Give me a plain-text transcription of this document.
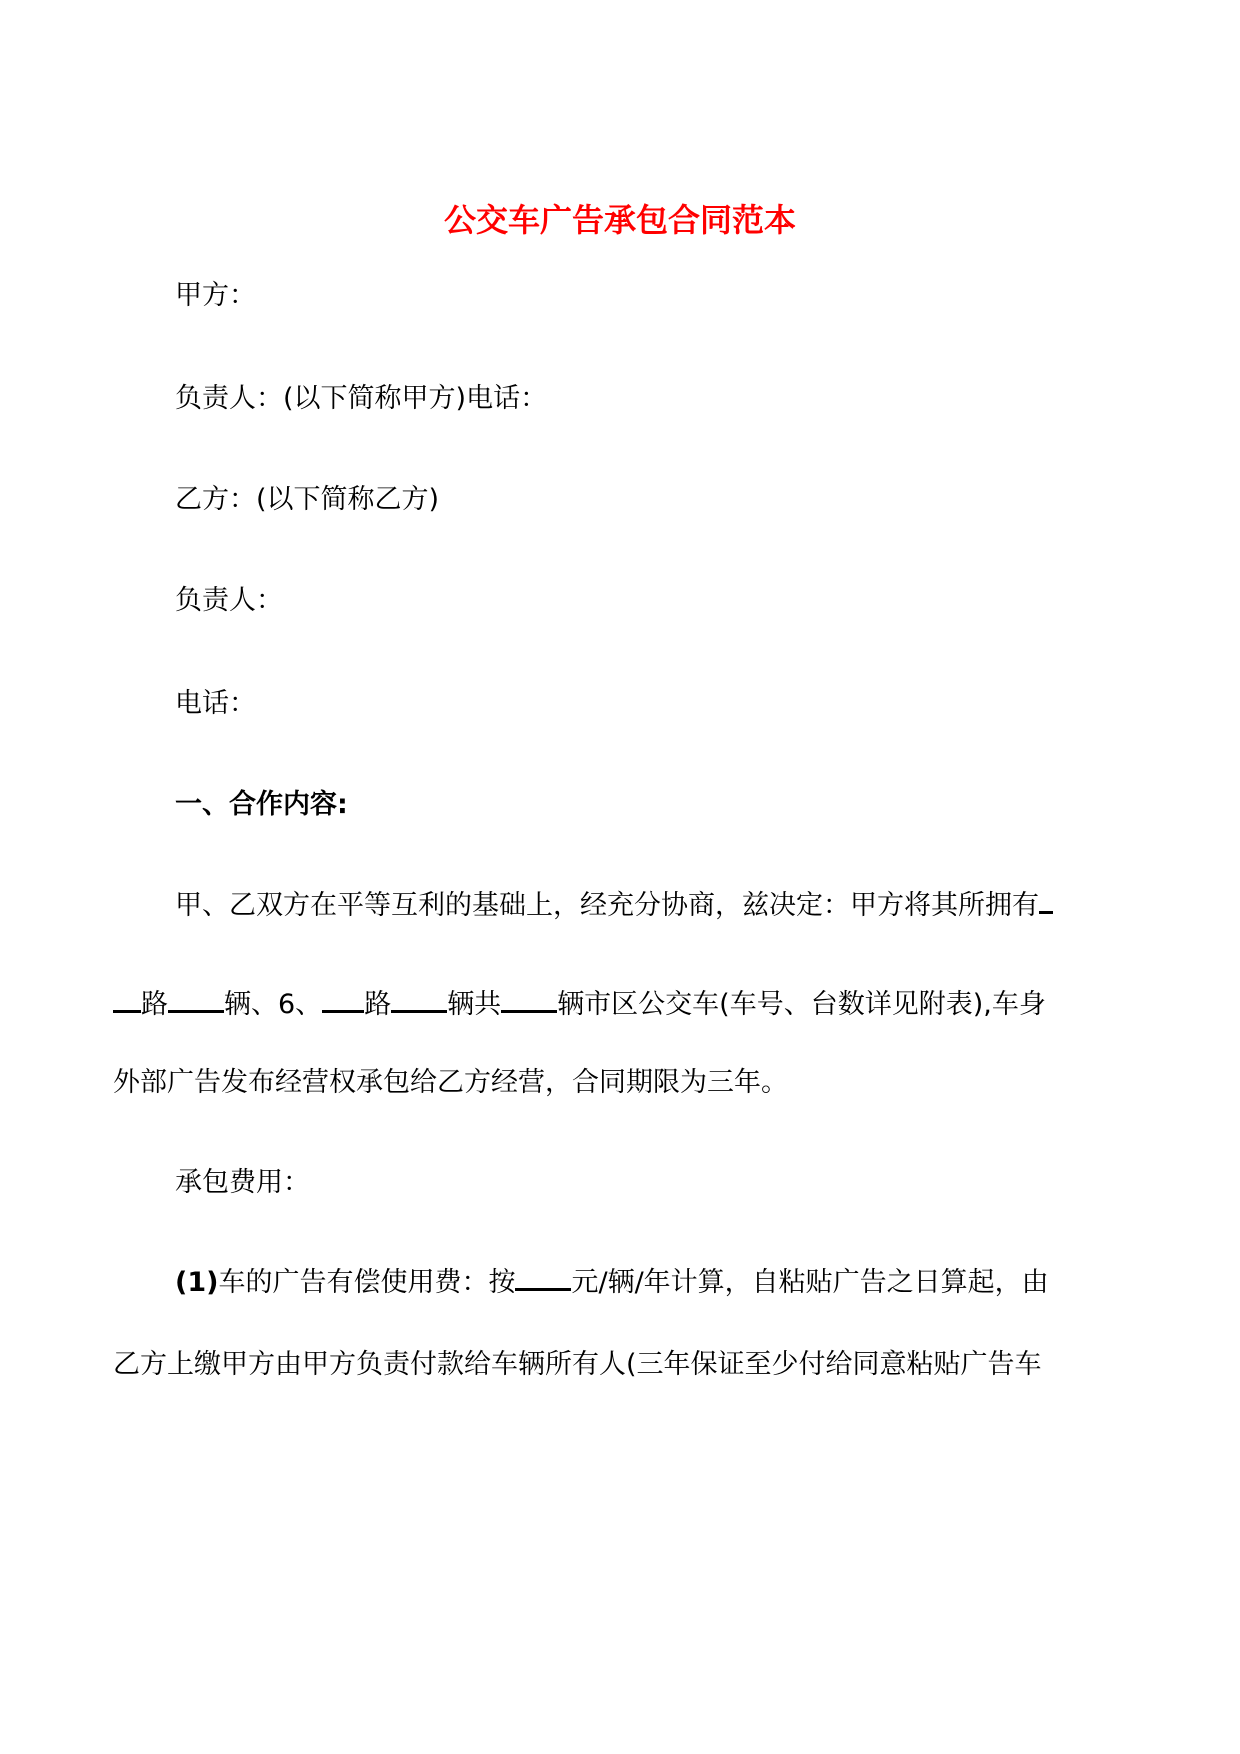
公交车广告承包合同范本
甲方：
负责人：(以下简称甲方)电话：
乙方：(以下简称乙方)
负责人：
电话：
一、合作内容:
甲、乙双方在平等互利的基础上，经充分协商，兹决定：甲方将其所拥有
路 辆、6、 路 辆共 辆市区公交车(车号、台数详见附表),车身
外部广告发布经营权承包给乙方经营，合同期限为三年。
承包费用：
(1)车的广告有偿使用费：按 元/辆/年计算，自粘贴广告之日算起，由
乙方上缴甲方由甲方负责付款给车辆所有人(三年保证至少付给同意粘贴广告车
